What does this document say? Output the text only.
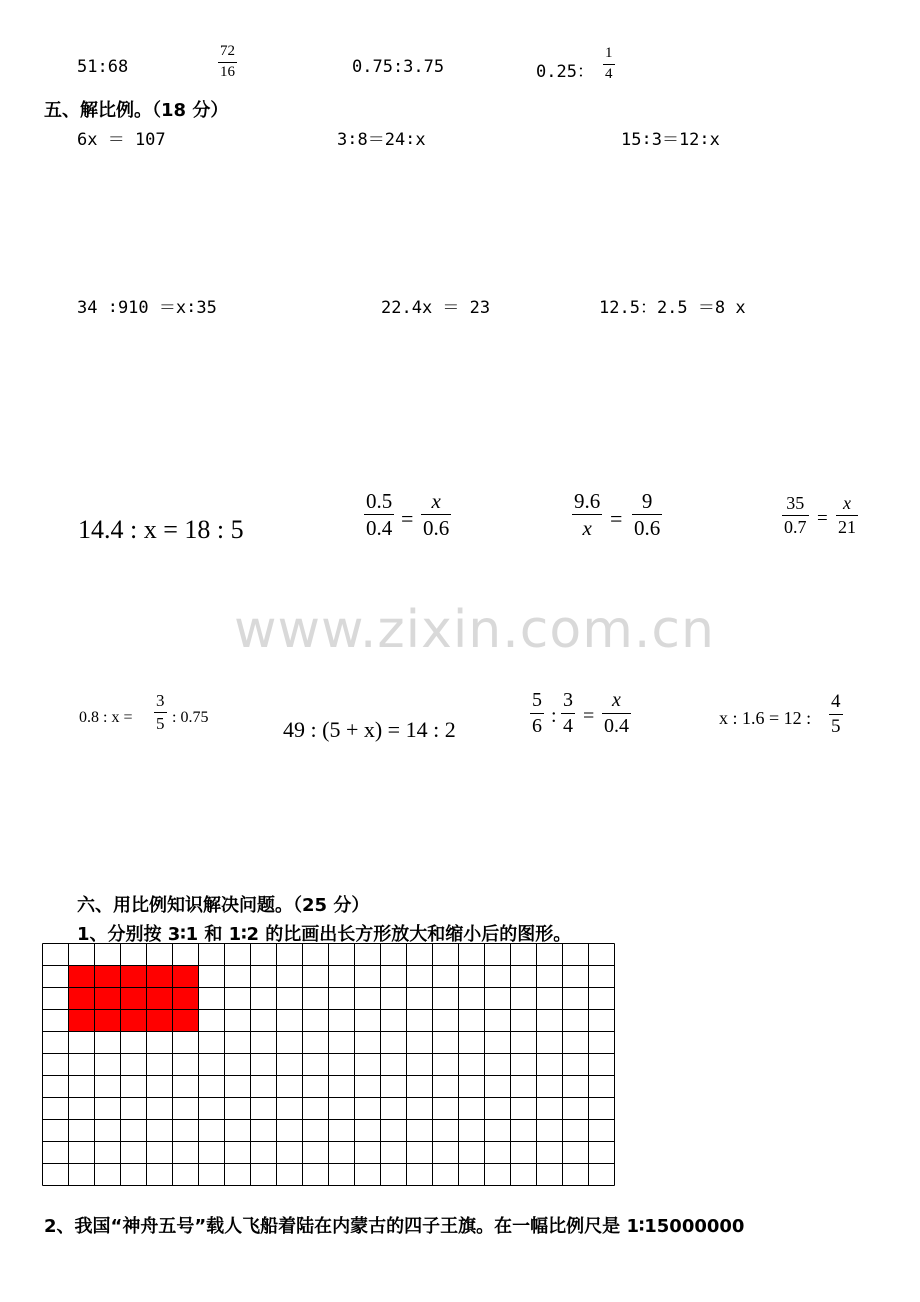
51:68
72
16	0.75:3.75	0.25：
1
4
五、解比例。（18 分）
6x ＝ 107	3∶8＝24∶x	15∶3＝12∶x
34 ∶910 ＝x∶35	22.4x ＝ 23	12.5：2.5 ＝8 x
14.4 : x = 18 : 5
0.5
0.4 =
x
0.6
9.6
x =
9
0.6
35
0.7 =
x
21
www.zixin.com.cn
0.8 : x =
3
5 : 0.75	49 : (5 + x) = 14 : 2
5
6 :
3
4 =
x
0.4	x : 1.6 = 12 :
4
5
六、用比例知识解决问题。（25 分）
1、分别按 3∶1 和 1∶2 的比画出长方形放大和缩小后的图形。
2、我国“神舟五号”载人飞船着陆在内蒙古的四子王旗。在一幅比例尺是 1∶15000000
